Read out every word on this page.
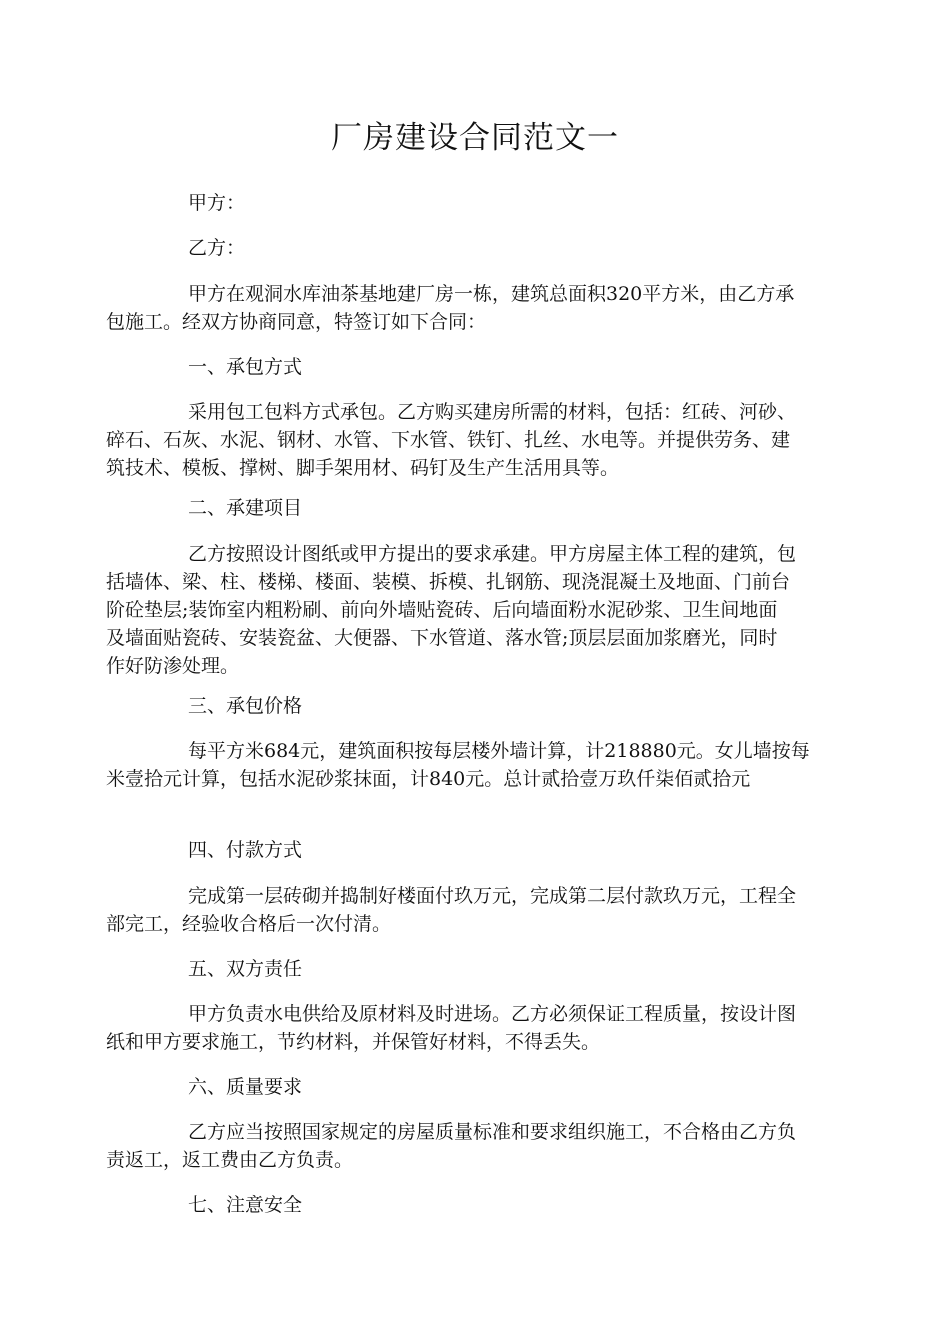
厂房建设合同范文一

甲方：

乙方：

甲方在观洞水库油茶基地建厂房一栋，建筑总面积320平方米，由乙方承
包施工。经双方协商同意，特签订如下合同：

一、承包方式

采用包工包料方式承包。乙方购买建房所需的材料，包括：红砖、河砂、
碎石、石灰、水泥、钢材、水管、下水管、铁钉、扎丝、水电等。并提供劳务、建
筑技术、模板、撑树、脚手架用材、码钉及生产生活用具等。

二、承建项目

乙方按照设计图纸或甲方提出的要求承建。甲方房屋主体工程的建筑，包
括墙体、梁、柱、楼梯、楼面、装模、拆模、扎钢筋、现浇混凝土及地面、门前台
阶砼垫层;装饰室内粗粉刷、前向外墙贴瓷砖、后向墙面粉水泥砂浆、卫生间地面
及墙面贴瓷砖、安装瓷盆、大便器、下水管道、落水管;顶层层面加浆磨光，同时
作好防渗处理。

三、承包价格

每平方米684元，建筑面积按每层楼外墙计算，计218880元。女儿墙按每
米壹拾元计算，包括水泥砂浆抹面，计840元。总计贰拾壹万玖仟柒佰贰拾元

四、付款方式

完成第一层砖砌并捣制好楼面付玖万元，完成第二层付款玖万元，工程全
部完工，经验收合格后一次付清。

五、双方责任

甲方负责水电供给及原材料及时进场。乙方必须保证工程质量，按设计图
纸和甲方要求施工，节约材料，并保管好材料，不得丢失。

六、质量要求

乙方应当按照国家规定的房屋质量标准和要求组织施工，不合格由乙方负
责返工，返工费由乙方负责。

七、注意安全
